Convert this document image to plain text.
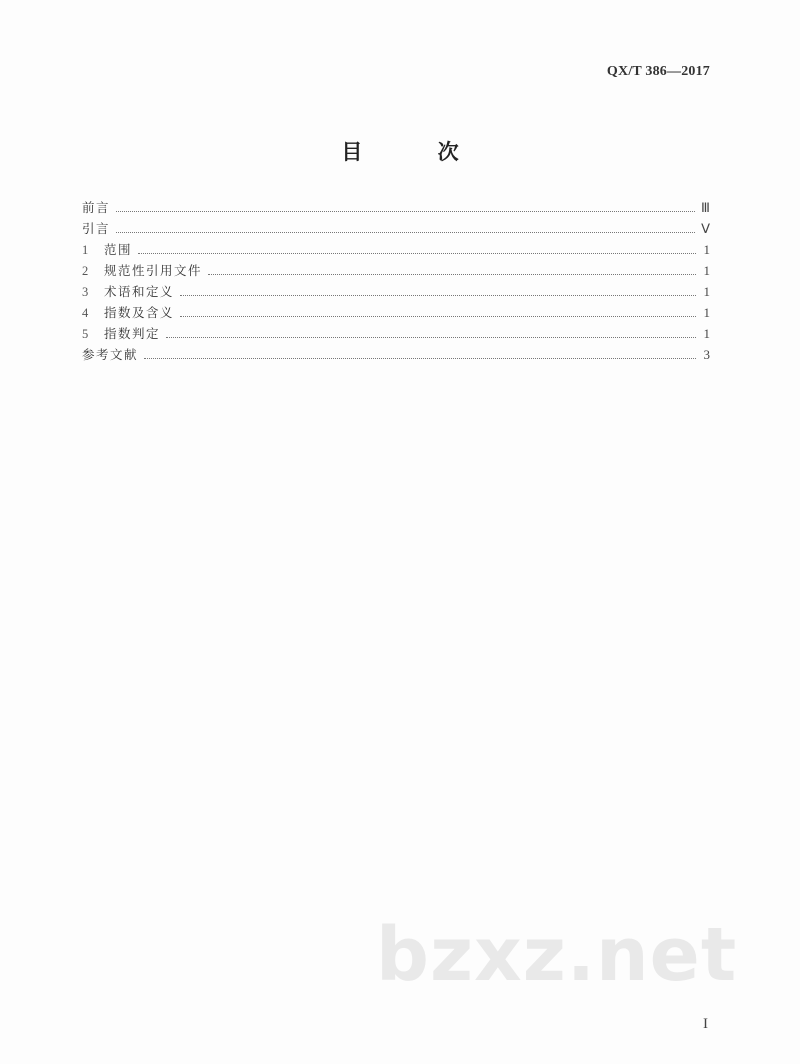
QX/T 386—2017
目 次
前言	Ⅲ
引言	Ⅴ
1	范围	1
2	规范性引用文件	1
3	术语和定义	1
4	指数及含义	1
5	指数判定	1
参考文献	3
bzxz.net
I
